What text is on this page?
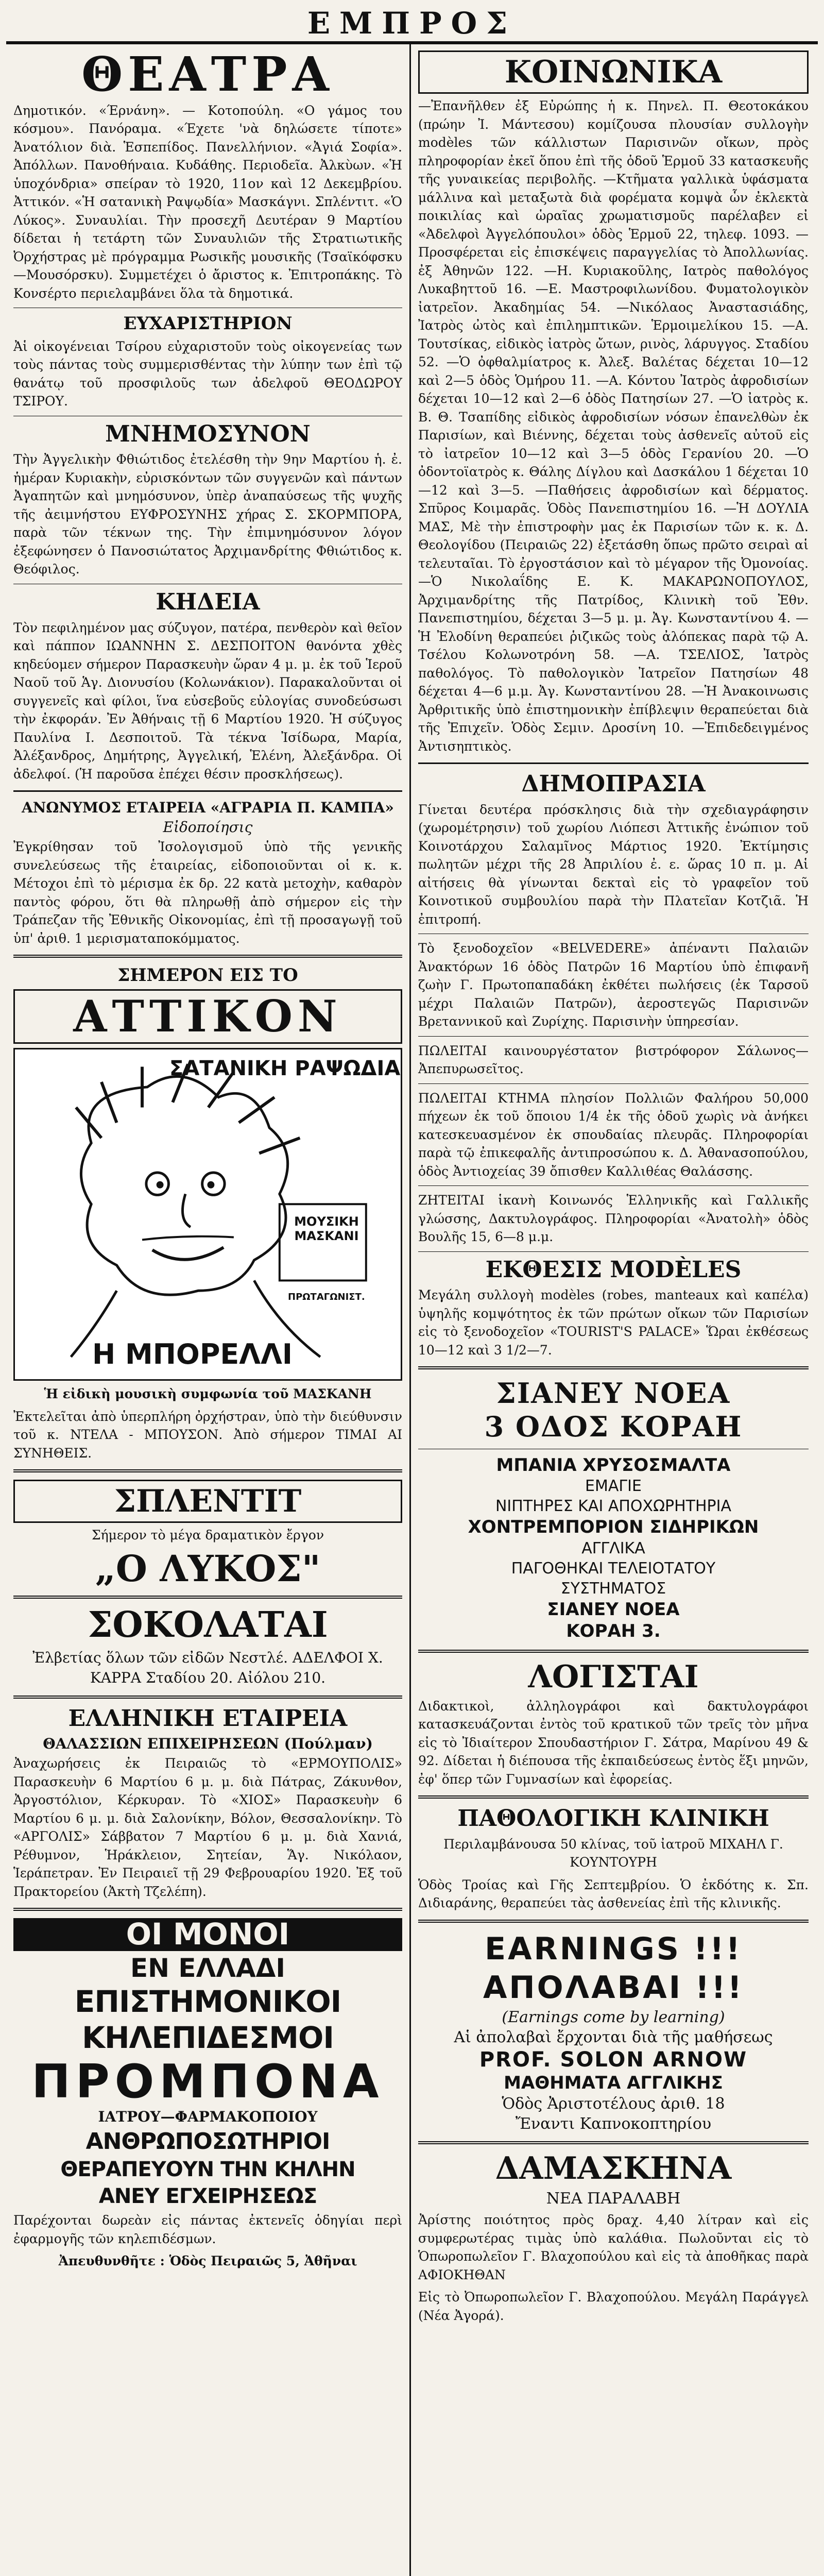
ΕΜΠΡΟΣ
ΘΕΑΤΡΑ
Δημοτικόν. «Έρνάνη». — Κοτοπούλη. «Ο γάμος του κόσμου». Πανόραμα. «Έχετε 'νὰ δηλώσετε τίποτε» Ἀνατόλιον διὰ. Ἑσπεπίδος. Πανελλήνιον. «Ἀγιά Σοφία». Ἀπόλλων. Πανοθήναια. Κυδάθης. Περιοδεῖα. Ἀλκὺων. «Ἡ ὑποχόνδρια» σπείραν τὸ 1920, 11ον καὶ 12 Δεκεμβρίου. Ἀττικόν. «Ἡ σατανικὴ Ραψῳδία» Μασκάγνι. Σπλέντιτ. «Ὁ Λύκος». Συναυλίαι. Τὴν προσεχῆ Δευτέραν 9 Μαρτίου δίδεται ἡ τετάρτη τῶν Συναυλιῶν τῆς Στρατιωτικῆς Ὀρχήστρας μὲ πρόγραμμα Ρωσικῆς μουσικῆς (Τσαϊκόφσκυ—Μουσόρσκυ). Συμμετέχει ὁ ἄριστος κ. Ἐπιτροπάκης. Τὸ Κονσέρτο περιελαμβάνει ὅλα τὰ δημοτικά.
ΕΥΧΑΡΙΣΤΗΡΙΟΝ
Ἀἱ οἰκογένειαι Τσίρου εὐχαριστοῦν τοὺς οἰκογενείας των τοὺς πάντας τοὺς συμμερισθέντας τὴν λύπην των ἐπὶ τῷ θανάτῳ τοῦ προσφιλοῦς των ἀδελφοῦ ΘΕΟΔΩΡΟΥ ΤΣΙΡΟΥ.
ΜΝΗΜΟΣΥΝΟΝ
Τὴν Ἀγγελικὴν Φθιώτιδος ἐτελέσθη τὴν 9ην Μαρτίου ἡ. ἐ. ἡμέραν Κυριακὴν, εὐρισκόντων τῶν συγγενῶν καὶ πάντων Ἀγαπητῶν καὶ μνημόσυνον, ὑπὲρ ἀναπαύσεως τῆς ψυχῆς τῆς ἀειμνήστου ΕΥΦΡΟΣΥΝΗΣ χήρας Σ. ΣΚΟΡΜΠΟΡΑ, παρὰ τῶν τέκνων της. Τὴν ἐπιμνημόσυνον λόγον ἐξεφώνησεν ὁ Πανοσιώτατος Ἀρχιμανδρίτης Φθιώτιδος κ. Θεόφιλος.
ΚΗΔΕΙΑ
Τὸν πεφιλημένον μας σύζυγον, πατέρα, πενθερὸν καὶ θεῖον καὶ πάππον ΙΩΑΝΝΗΝ Σ. ΔΕΣΠΟΙΤΟΝ θανόντα χθὲς κηδεύομεν σήμερον Παρασκευὴν ὥραν 4 μ. μ. ἐκ τοῦ Ἱεροῦ Ναοῦ τοῦ Ἁγ. Διονυσίου (Κολωνάκιον). Παρακαλοῦνται οἱ συγγενεῖς καὶ φίλοι, ἵνα εὐσεβοῦς εὐλογίας συνοδεύσωσι τὴν ἐκφοράν. Ἐν Ἀθήναις τῇ 6 Μαρτίου 1920. Ἡ σύζυγος Παυλίνα Ι. Δεσποιτοῦ. Τὰ τέκνα Ἰσίδωρα, Μαρία, Ἀλέξανδρος, Δημήτρης, Ἀγγελική, Ἑλένη, Ἀλεξάνδρα. Οἱ ἀδελφοί. (Ἡ παροῦσα ἐπέχει θέσιν προσκλήσεως).
ΑΝΩΝΥΜΟΣ ΕΤΑΙΡΕΙΑ «ΑΓΡΑΡΙΑ Π. ΚΑΜΠΑ»
Εἰδοποίησις
Ἐγκρίθησαν τοῦ Ἰσολογισμοῦ ὑπὸ τῆς γενικῆς συνελεύσεως τῆς ἑταιρείας, εἰδοποιοῦνται οἱ κ. κ. Μέτοχοι ἐπὶ τὸ μέρισμα ἐκ δρ. 22 κατὰ μετοχὴν, καθαρὸν παντὸς φόρου, ὅτι θὰ πληρωθῇ ἀπὸ σήμερον εἰς τὴν Τράπεζαν τῆς Ἐθνικῆς Οἰκονομίας, ἐπὶ τῇ προσαγωγῇ τοῦ ὑπ' ἀριθ. 1 μερισματαποκόμματος.
ΣΗΜΕΡΟΝ ΕΙΣ ΤΟ
ΑΤΤΙΚΟΝ
ΣΑΤΑΝΙΚΗ ΡΑΨΩΔΙΑ
ΜΟΥΣΙΚΗ ΜΑΣΚΑΝΙ
ΠΡΩΤΑΓΩΝΙΣΤ.
Η ΜΠΟΡΕΛΛΙ
Ἡ εἰδικὴ μουσικὴ συμφωνία τοῦ ΜΑΣΚΑΝΗ
Ἐκτελεῖται ἀπὸ ὑπερπλήρη ὀρχήστραν, ὑπὸ τὴν διεύθυνσιν τοῦ κ. ΝΤΕΛΑ - ΜΠΟΥΣΟΝ. Ἀπὸ σήμερον ΤΙΜΑΙ ΑΙ ΣΥΝΗΘΕΙΣ.
ΣΠΛΕΝΤΙΤ
Σήμερον τὸ μέγα δραματικὸν ἔργον
„Ο ΛΥΚΟΣ"
ΣΟΚΟΛΑΤΑΙ
Ἐλβετίας ὅλων τῶν εἰδῶν Νεστλέ. ΑΔΕΛΦΟΙ Χ. ΚΑΡΡΑ Σταδίου 20. Αἰόλου 210.
ΕΛΛΗΝΙΚΗ ΕΤΑΙΡΕΙΑ
ΘΑΛΑΣΣΙΩΝ ΕΠΙΧΕΙΡΗΣΕΩΝ (Πούλμαν)
Ἀναχωρήσεις ἐκ Πειραιῶς τὸ «ΕΡΜΟΥΠΟΛΙΣ» Παρασκευὴν 6 Μαρτίου 6 μ. μ. διὰ Πάτρας, Ζάκυνθον, Ἀργοστόλιον, Κέρκυραν. Τὸ «ΧΙΟΣ» Παρασκευὴν 6 Μαρτίου 6 μ. μ. διὰ Σαλονίκην, Βόλον, Θεσσαλονίκην. Τὸ «ΑΡΓΟΛΙΣ» Σάββατον 7 Μαρτίου 6 μ. μ. διὰ Χανιά, Ρέθυμνον, Ἡράκλειον, Σητείαν, Ἅγ. Νικόλαον, Ἱεράπετραν. Ἐν Πειραιεῖ τῇ 29 Φεβρουαρίου 1920. Ἐξ τοῦ Πρακτορείου (Ἀκτὴ Τζελέπη).
ΟΙ ΜΟΝΟΙ
ΕΝ ΕΛΛΑΔΙ
ΕΠΙΣΤΗΜΟΝΙΚΟΙ
ΚΗΛΕΠΙΔΕΣΜΟΙ
ΠΡΟΜΠΟΝΑ
ΙΑΤΡΟΥ—ΦΑΡΜΑΚΟΠΟΙΟΥ
ΑΝΘΡΩΠΟΣΩΤΗΡΙΟΙ
ΘΕΡΑΠΕΥΟΥΝ ΤΗΝ ΚΗΛΗΝ
ΑΝΕΥ ΕΓΧΕΙΡΗΣΕΩΣ
Παρέχονται δωρεὰν εἰς πάντας ἐκτενεῖς ὁδηγίαι περὶ ἐφαρμογῆς τῶν κηλεπιδέσμων.
Ἀπευθυνθῆτε : Ὁδὸς Πειραιῶς 5, Ἀθῆναι
ΚΟΙΝΩΝΙΚΑ
—Ἐπανῆλθεν ἐξ Εὐρώπης ἡ κ. Πηνελ. Π. Θεοτοκάκου (πρώην Ἰ. Μάντεσου) κομίζουσα πλουσίαν συλλογὴν modèles τῶν κάλλιστων Παρισινῶν οἴκων, πρὸς πληροφορίαν ἐκεῖ ὅπου ἐπὶ τῆς ὁδοῦ Ἑρμοῦ 33 κατασκευῆς τῆς γυναικείας περιβολῆς. —Κτῆματα γαλλικὰ ὑφάσματα μάλλινα καὶ μεταξωτὰ διὰ φορέματα κομψὰ ὧν ἐκλεκτὰ ποικιλίας καὶ ὡραῖας χρωματισμοῦς παρέλαβεν εἰ «Ἀδελφοὶ Ἀγγελόπουλοι» ὁδὸς Ἑρμοῦ 22, τηλεφ. 1093. —Προσφέρεται εἰς ἐπισκέψεις παραγγελίας τὸ Ἀπολλωνίας. ἐξ Ἀθηνῶν 122. —Η. Κυριακοῦλης, Ιατρὸς παθολόγος Λυκαβηττοῦ 16. —Ε. Μαστροφιλωνίδου. Φυματολογικὸν ἰατρεῖον. Ἀκαδημίας 54. —Νικόλαος Ἀναστασιάδης, Ἰατρὸς ὠτὸς καὶ ἐπιλημπτικῶν. Ἑρμοιμελίκου 15. —Α. Τουτσίκας, εἰδικὸς ἰατρὸς ὤτων, ρινὸς, λάρυγγος. Σταδίου 52. —Ὁ ὀφθαλμίατρος κ. Ἀλεξ. Βαλέτας δέχεται 10—12 καὶ 2—5 ὁδὸς Ὁμήρου 11. —Α. Κόντου Ἰατρὸς ἀφροδισίων δέχεται 10—12 καὶ 2—6 ὁδὸς Πατησίων 27. —Ὁ ἰατρὸς κ. Β. Θ. Τσαπίδης εἰδικὸς ἀφροδισίων νόσων ἐπανελθὼν ἐκ Παρισίων, καὶ Βιέννης, δέχεται τοὺς ἀσθενεῖς αὐτοῦ εἰς τὸ ἰατρεῖον 10—12 καὶ 3—5 ὁδὸς Γερανίου 20. —Ὁ ὀδοντοϊατρὸς κ. Θάλης Δίγλου καὶ Δασκάλου 1 δέχεται 10—12 καὶ 3—5. —Παθήσεις ἀφροδισίων καὶ δέρματος. Σπῦρος Κοιμαρᾶς. Ὁδὸς Πανεπιστημίου 16. —Ἡ ΔΟΥΛΙΑ ΜΑΣ, Μὲ τὴν ἐπιστροφὴν μας ἐκ Παρισίων τῶν κ. κ. Δ. Θεολογίδου (Πειραιῶς 22) ἐξετάσθη ὅπως πρῶτο σειραὶ αἱ τελευταῖαι. Τὸ ἐργοστάσιον καὶ τὸ μέγαρον τῆς Ὀμονοίας. —Ὁ Νικολαΐδης Ε. Κ. ΜΑΚΑΡΩΝΟΠΟΥΛΟΣ, Ἀρχιμανδρίτης τῆς Πατρίδος, Κλινικὴ τοῦ Ἐθν. Πανεπιστημίου, δέχεται 3—5 μ. μ. Ἀγ. Κωνσταντίνου 4. —Ἡ Ἐλοδίνη θεραπεύει ῥιζικῶς τοὺς ἀλόπεκας παρὰ τῷ Α. Τσέλου Κολωνοτρόνη 58. —Α. ΤΣΕΛΙΟΣ, Ἰατρὸς παθολόγος. Τὸ παθολογικὸν Ἰατρεῖον Πατησίων 48 δέχεται 4—6 μ.μ. Ἀγ. Κωνσταντίνου 28. —Ἡ Ἀνακοινωσις Ἀρθριτικῆς ὑπὸ ἐπιστημονικὴν ἐπίβλεψιν θεραπεύεται διὰ τῆς Ἐπιχεῖν. Ὁδὸς Σεμιν. Δροσίνη 10. —Ἐπιδεδειγμένος Ἀντισηπτικὸς.
ΔΗΜΟΠΡΑΣΙΑ
Γίνεται δευτέρα πρόσκλησις διὰ τὴν σχεδιαγράφησιν (χωρομέτρησιν) τοῦ χωρίου Λιόπεσι Ἀττικῆς ἐνώπιον τοῦ Κοινοτάρχου Σαλαμῖνος Μάρτιος 1920. Ἐκτίμησις πωλητῶν μέχρι τῆς 28 Ἀπριλίου ἐ. ε. ὥρας 10 π. μ. Αἱ αἰτήσεις θὰ γίνωνται δεκταὶ εἰς τὸ γραφεῖον τοῦ Κοινοτικοῦ συμβουλίου παρὰ τὴν Πλατεῖαν Κοτζιᾶ. Ἡ ἐπιτροπή.
Τὸ ξενοδοχεῖον «BELVEDERE» ἀπέναντι Παλαιῶν Ἀνακτόρων 16 ὁδὸς Πατρῶν 16 Μαρτίου ὑπὸ ἐπιφανῆ ζωὴν Γ. Πρωτοπαπαδάκη ἐκθέτει πωλήσεις (ἐκ Ταρσοῦ μέχρι Παλαιῶν Πατρῶν), ἀεροστεγῶς Παρισινῶν Βρεταννικοῦ καὶ Ζυρίχης. Παρισινὴν ὑπηρεσίαν.
ΠΩΛΕΙΤΑΙ καινουργέστατον βιστρόφορον Σάλωνος—Ἀπεπυρωσεῖτος.
ΠΩΛΕΙΤΑΙ ΚΤΗΜΑ πλησίον Πολλιῶν Φαλήρου 50,000 πήχεων ἐκ τοῦ ὅποιου 1/4 ἐκ τῆς ὁδοῦ χωρὶς νὰ ἀνήκει κατεσκευασμένον ἐκ σπουδαίας πλευρᾶς. Πληροφορίαι παρὰ τῷ ἐπικεφαλῆς ἀντιπροσώπου κ. Δ. Ἀθανασοπούλου, ὁδὸς Ἀντιοχείας 39 ὄπισθεν Καλλιθέας Θαλάσσης.
ΖΗΤΕΙΤΑΙ ἱκανὴ Κοινωνός Ἑλληνικῆς καὶ Γαλλικῆς γλώσσης, Δακτυλογράφος. Πληροφορίαι «Ἀνατολὴ» ὁδὸς Βουλῆς 15, 6—8 μ.μ.
ΕΚΘΕΣΙΣ MODÈLES
Μεγάλη συλλογὴ modèles (robes, manteaux καὶ καπέλα) ὑψηλῆς κομψότητος ἐκ τῶν πρώτων οἴκων τῶν Παρισίων εἰς τὸ ξενοδοχεῖον «TOURIST'S PALACE» Ὥραι ἐκθέσεως 10—12 καὶ 3 1/2—7.
ΣΙΑΝΕΥ ΝΟΕΑ
3 ΟΔΟΣ ΚΟΡΑΗ
ΜΠΑΝΙΑ ΧΡΥΣΟΣΜΑΛΤΑ
ΕΜΑΓΙΕ
ΝΙΠΤΗΡΕΣ ΚΑΙ ΑΠΟΧΩΡΗΤΗΡΙΑ
ΧΟΝΤΡΕΜΠΟΡΙΟΝ ΣΙΔΗΡΙΚΩΝ
ΑΓΓΛΙΚΑ
ΠΑΓΟΘΗΚΑΙ ΤΕΛΕΙΟΤΑΤΟΥ
ΣΥΣΤΗΜΑΤΟΣ
ΣΙΑΝΕΥ ΝΟΕΑ
ΚΟΡΑΗ 3.
ΛΟΓΙΣΤΑΙ
Διδακτικοὶ, ἀλληλογράφοι καὶ δακτυλογράφοι κατασκευάζονται ἐντὸς τοῦ κρατικοῦ τῶν τρεῖς τὸν μῆνα εἰς τὸ Ἰδιαίτερον Σπουδαστήριον Γ. Σάτρα, Μαρίνου 49 & 92. Δίδεται ἡ διέπουσα τῆς ἐκπαιδεύσεως ἐντὸς ἕξι μηνῶν, ἐφ' ὅπερ τῶν Γυμνασίων καὶ ἐφορείας.
ΠΑΘΟΛΟΓΙΚΗ ΚΛΙΝΙΚΗ
Περιλαμβάνουσα 50 κλίνας, τοῦ ἰατροῦ ΜΙΧΑΗΛ Γ. ΚΟΥΝΤΟΥΡΗ
Ὁδὸς Τροίας καὶ Γῆς Σεπτεμβρίου. Ὁ ἐκδότης κ. Σπ. Διδιαράνης, θεραπεύει τὰς ἀσθενείας ἐπὶ τῆς κλινικῆς.
EARNINGS !!!
ΑΠΟΛΑΒΑΙ !!!
(Earnings come by learning)
Αἱ ἀπολαβαὶ ἔρχονται διὰ τῆς μαθήσεως
PROF. SOLON ARNOW
ΜΑΘΗΜΑΤΑ ΑΓΓΛΙΚΗΣ
Ὁδὸς Ἀριστοτέλους ἀριθ. 18
Ἔναντι Καπνοκοπτηρίου
ΔΑΜΑΣΚΗΝΑ
ΝΕΑ ΠΑΡΑΛΑΒΗ
Ἀρίστης ποιότητος πρὸς δραχ. 4,40 λίτραν καὶ εἰς συμφερωτέρας τιμὰς ὑπὸ καλάθια. Πωλοῦνται εἰς τὸ Ὁπωροπωλεῖον Γ. Βλαχοπούλου καὶ εἰς τὰ ἀποθῆκας παρὰ ΑΦΙΟΚΗΘΑΝ
Εἰς τὸ Ὀπωροπωλεῖον Γ. Βλαχοπούλου. Μεγάλη Παράγγελ (Νέα Ἀγορά).
